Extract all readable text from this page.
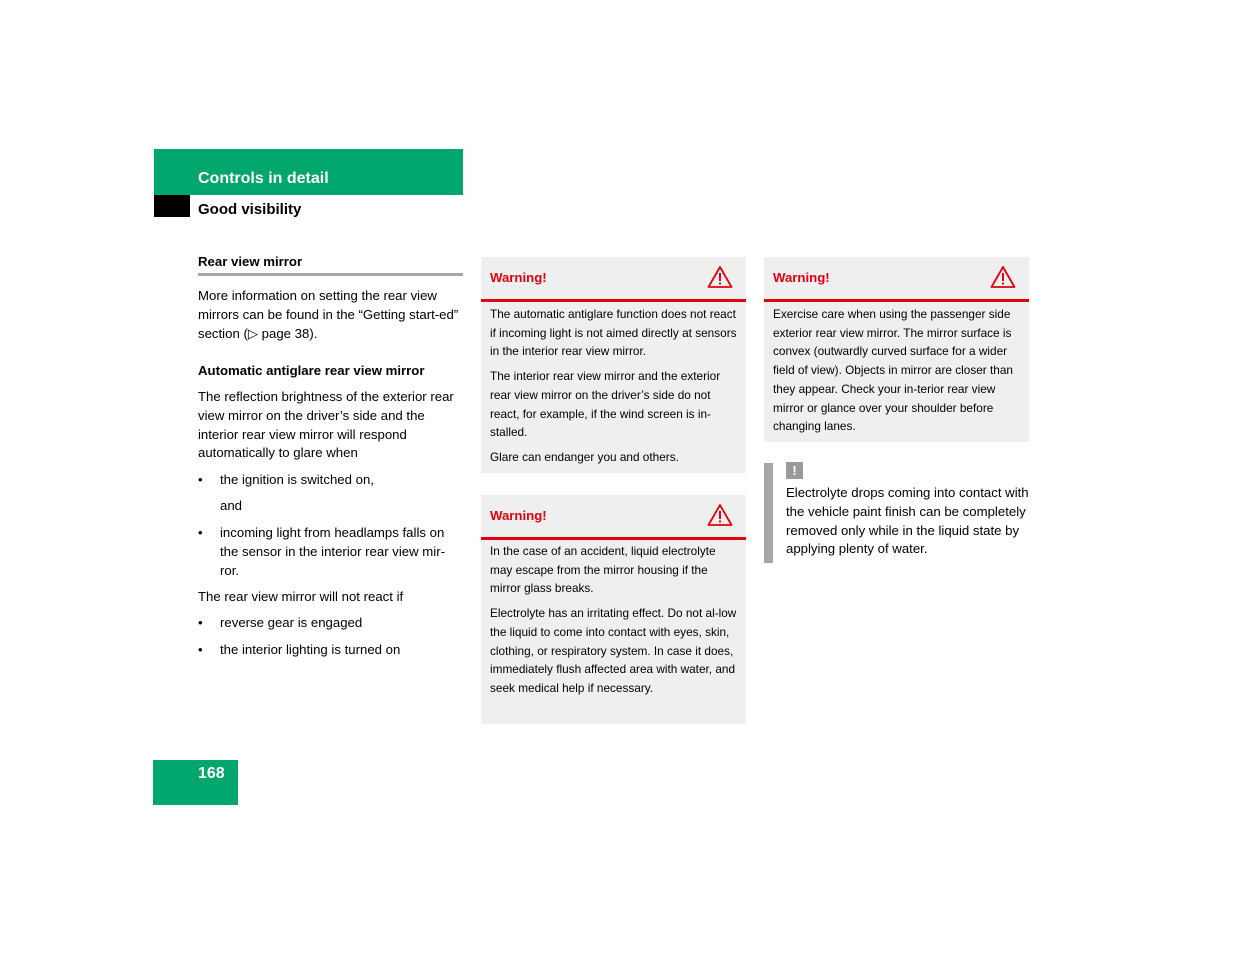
Controls in detail
Good visibility
Rear view mirror

More information on setting the rear view mirrors can be found in the “Getting start-ed” section (▷ page 38).

Automatic antiglare rear view mirror

The reflection brightness of the exterior rear view mirror on the driver’s side and the interior rear view mirror will respond automatically to glare when

•	the ignition is switched on,
and
•	incoming light from headlamps falls on the sensor in the interior rear view mir-ror.

The rear view mirror will not react if

•	reverse gear is engaged
•	the interior lighting is turned on
Warning!

The automatic antiglare function does not react if incoming light is not aimed directly at sensors in the interior rear view mirror.

The interior rear view mirror and the exterior rear view mirror on the driver’s side do not react, for example, if the wind screen is in-stalled.

Glare can endanger you and others.

Warning!

In the case of an accident, liquid electrolyte may escape from the mirror housing if the mirror glass breaks.

Electrolyte has an irritating effect. Do not al-low the liquid to come into contact with eyes, skin, clothing, or respiratory system. In case it does, immediately flush affected area with water, and seek medical help if necessary.

Warning!

Exercise care when using the passenger side exterior rear view mirror. The mirror surface is convex (outwardly curved surface for a wider field of view). Objects in mirror are closer than they appear. Check your in-terior rear view mirror or glance over your shoulder before changing lanes.

!
Electrolyte drops coming into contact with the vehicle paint finish can be completely removed only while in the liquid state by applying plenty of water.
168
